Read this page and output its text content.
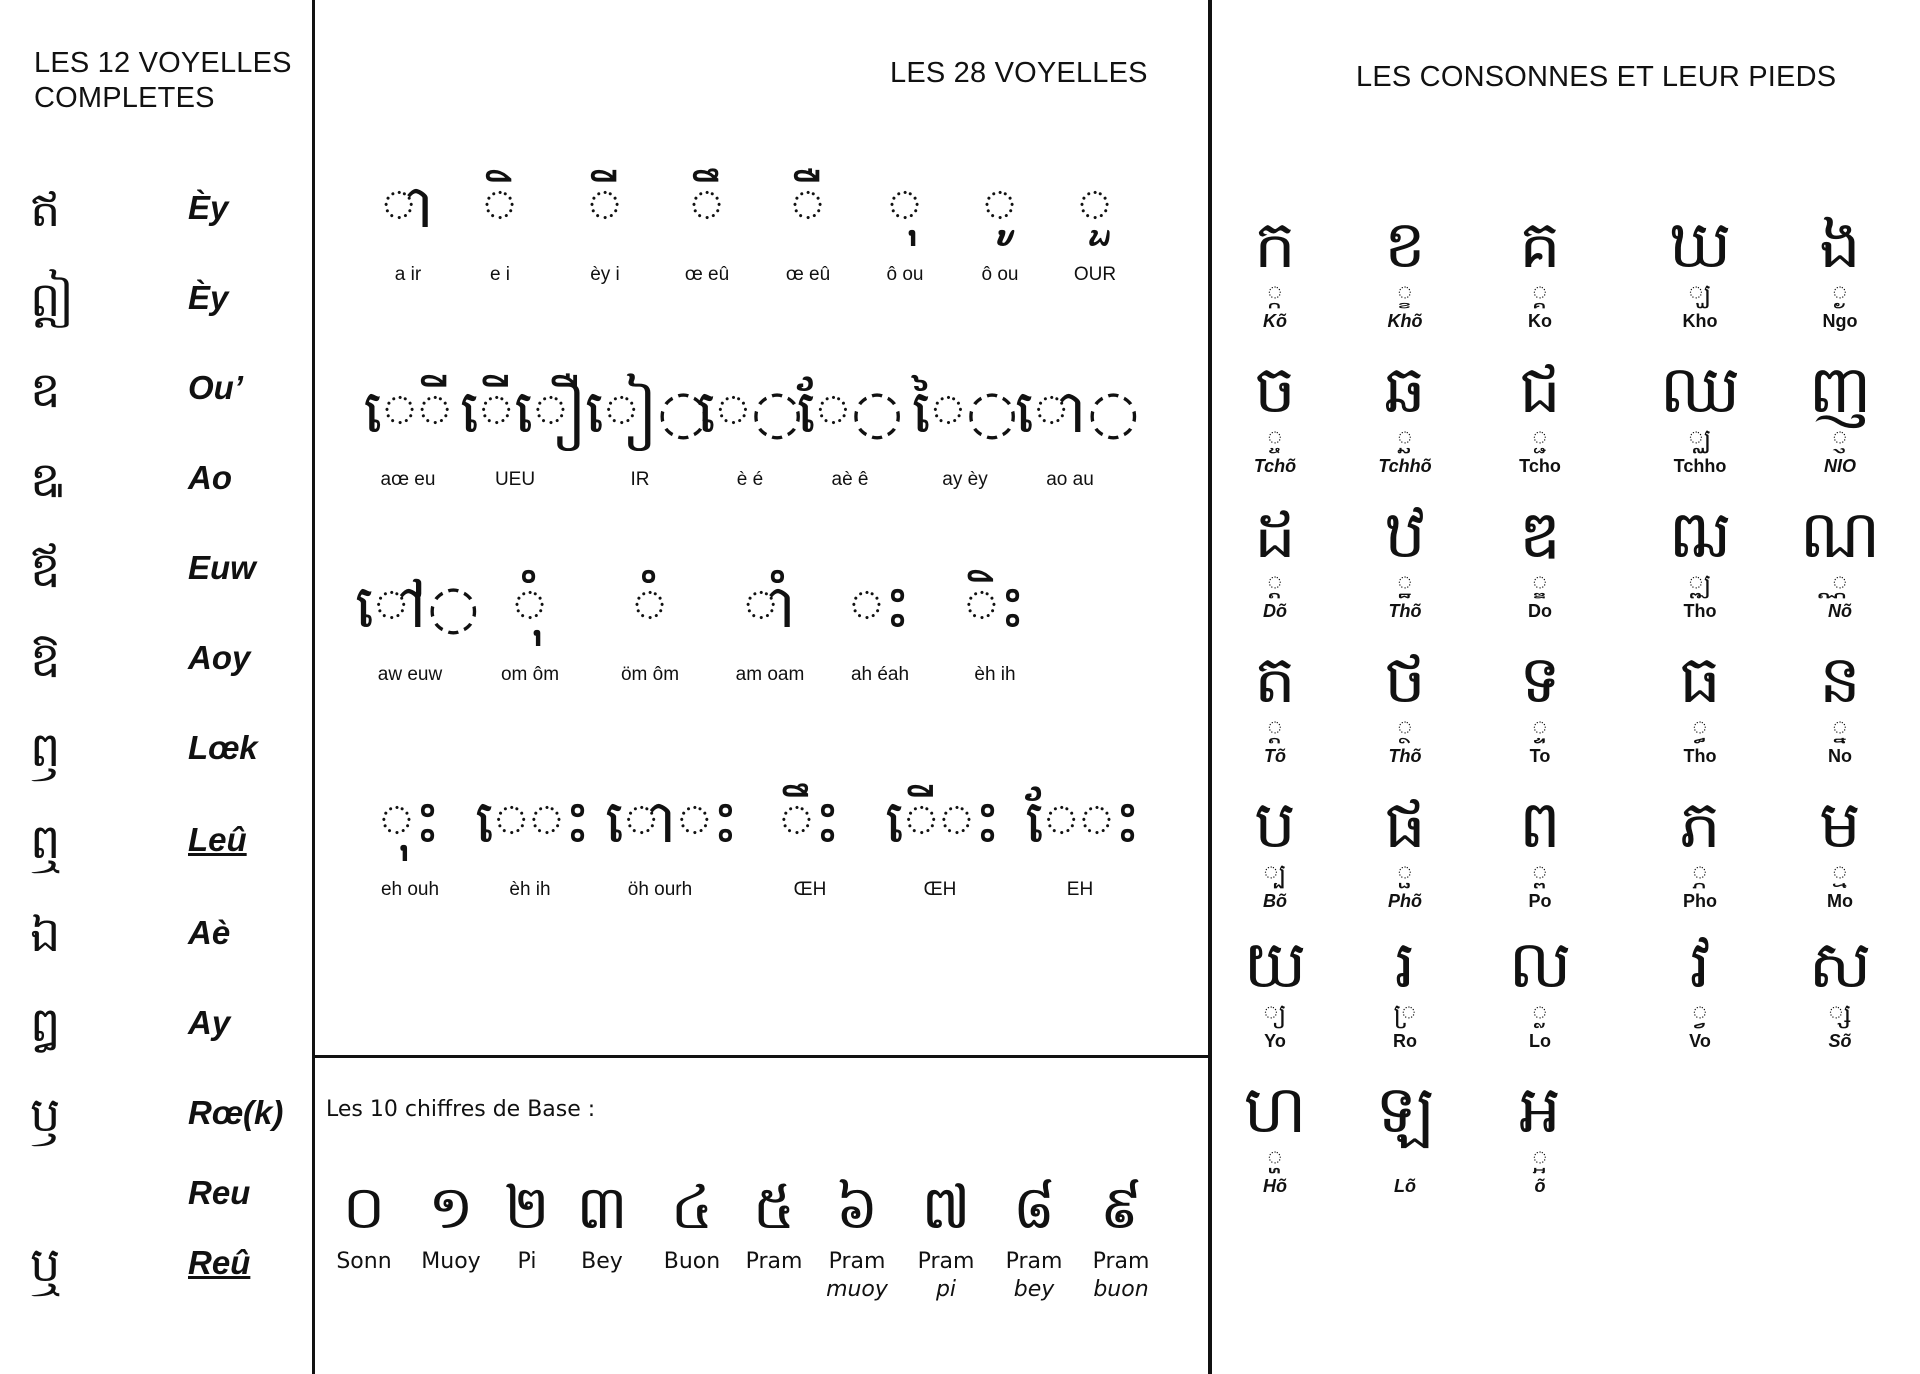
LES 12 VOYELLES
COMPLETES
LES 28 VOYELLES	LES CONSONNES ET LEUR PIEDS
ឥ	Èy
ឦ	Èy
ឧ	Ou’
ឩ	Ao
ឪ	Euw
ឱ	Aoy
ឭ	Lœk
ឮ	Leû
ឯ	Aè
ឰ	Ay
ឫ	Rœ(k)
Reu
ឬ	Reû
◌ា
a ir
◌ិ
e i
◌ី
èy i
◌ឹ
œ eû
◌ឺ
œ eû
◌ុ
ô ou
◌ូ
ô ou
◌ួ
OUR
េ◌ី
aœ eu
ើ◌ឿ
UEU
ៀ◌
IR
េ◌
è é
ែ◌
aè ê
ៃ◌
ay èy
ោ◌
ao au
ៅ◌
aw euw
◌ុំ
om ôm
◌ំ
öm ôm
◌ាំ
am oam
◌ះ
ah éah
◌ិះ
èh ih
◌ុះ
eh ouh
េ◌ះ
èh ih
ោ◌ះ
öh ourh
◌ឹះ
ŒH
ើ◌ះ
ŒH
ែ◌ះ
EH
Les 10 chiffres de Base :
០
Sonn
១
Muoy
២
Pi
៣
Bey
៤
Buon
៥
Pram
៦
Pram
muoy
៧
Pram
pi
៨
Pram
bey
៩
Pram
buon
ក
្ក
Kõ
ខ
្ខ
Khõ
គ
្គ
Ko
ឃ
្ឃ
Kho
ង
្ង
Ngo
ច
្ច
Tchõ
ឆ
្ឆ
Tchhõ
ជ
្ជ
Tcho
ឈ
្ឈ
Tchho
ញ
្ញ
NIO
ដ
្ដ
Dõ
ឋ
្ឋ
Thõ
ឌ
្ឌ
Do
ឍ
្ឍ
Tho
ណ
្ណ
Nõ
ត
្ត
Tõ
ថ
្ថ
Thõ
ទ
្ទ
To
ធ
្ធ
Tho
ន
្ន
No
ប
្ប
Bõ
ផ
្ផ
Phõ
ព
្ព
Po
ភ
្ភ
Pho
ម
្ម
Mo
យ
្យ
Yo
រ
្រ
Ro
ល
្ល
Lo
វ
្វ
Vo
ស
្ស
Sõ
ហ
្ហ
Hõ
ឡ

Lõ
អ
្អ
õ
